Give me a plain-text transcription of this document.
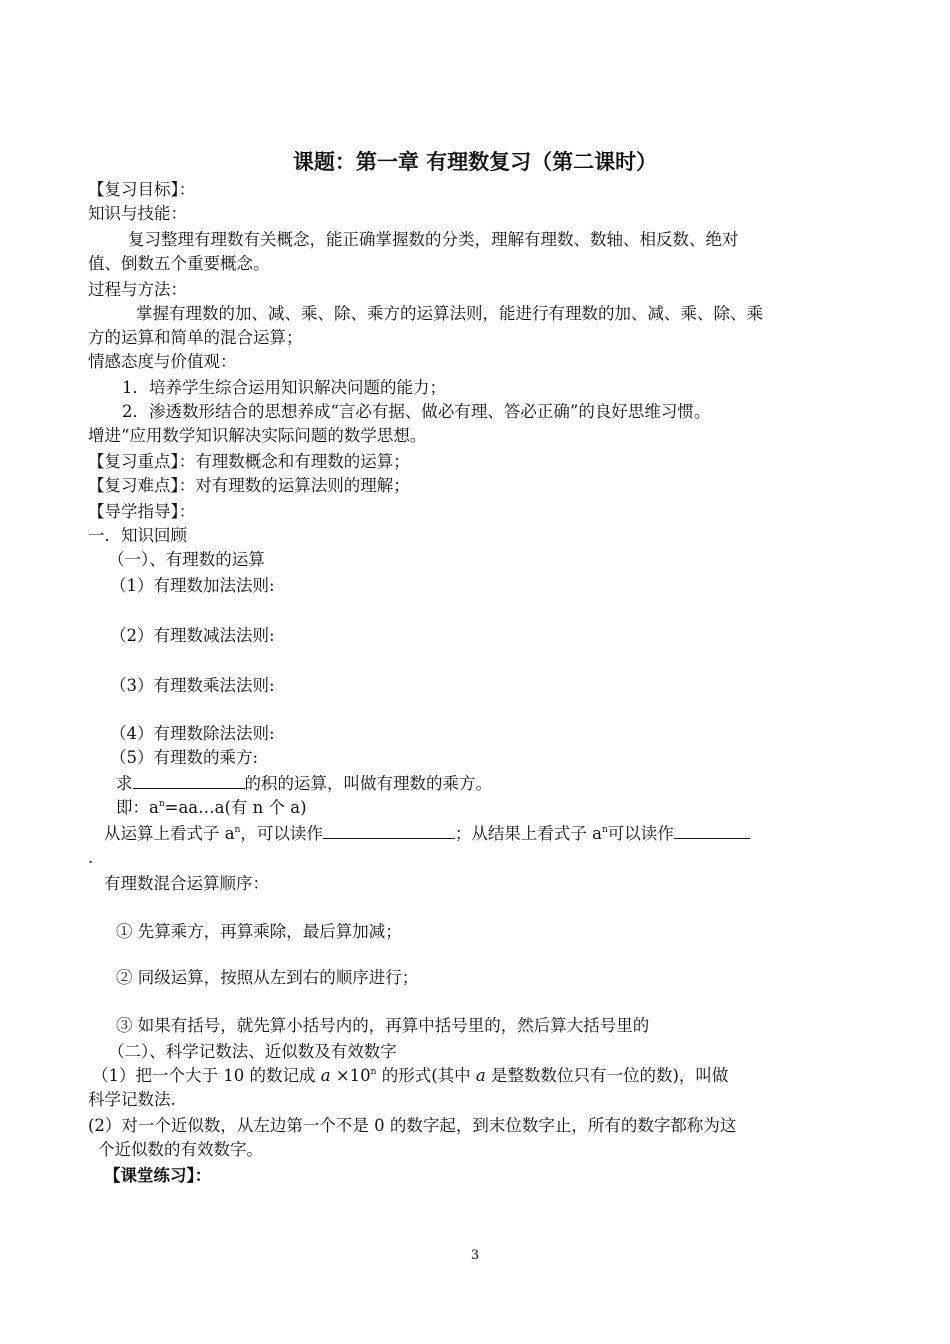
课题：第一章 有理数复习（第二课时）
【复习目标】：
知识与技能：
复习整理有理数有关概念，能正确掌握数的分类，理解有理数、数轴、相反数、绝对
值、倒数五个重要概念。
过程与方法：
掌握有理数的加、减、乘、除、乘方的运算法则，能进行有理数的加、减、乘、除、乘
方的运算和简单的混合运算；
情感态度与价值观：
1．培养学生综合运用知识解决问题的能力；
2．渗透数形结合的思想养成“言必有据、做必有理、答必正确”的良好思维习惯。
增进“应用数学知识解决实际问题的数学思想。
【复习重点】：有理数概念和有理数的运算；
【复习难点】：对有理数的运算法则的理解；
【导学指导】：
一．知识回顾
（一）、有理数的运算
（1）有理数加法法则:
（2）有理数减法法则:
（3）有理数乘法法则:
（4）有理数除法法则:
（5）有理数的乘方:
求	的积的运算，叫做有理数的乘方。
即：$a^n=aa\dots a$(有 n 个 a)
从运算上看式子 $a^n$，可以读作	；从结果上看式子 $a^n$可以读作
.
有理数混合运算顺序：
① 先算乘方，再算乘除，最后算加减；
② 同级运算，按照从左到右的顺序进行；
③ 如果有括号，就先算小括号内的，再算中括号里的，然后算大括号里的
（二）、科学记数法、近似数及有效数字
（1）把一个大于 10 的数记成 $a \times 10^n$ 的形式(其中 a 是整数数位只有一位的数)，叫做
科学记数法.
(2）对一个近似数，从左边第一个不是 0 的数字起，到末位数字止，所有的数字都称为这
个近似数的有效数字。
【课堂练习】：
3
